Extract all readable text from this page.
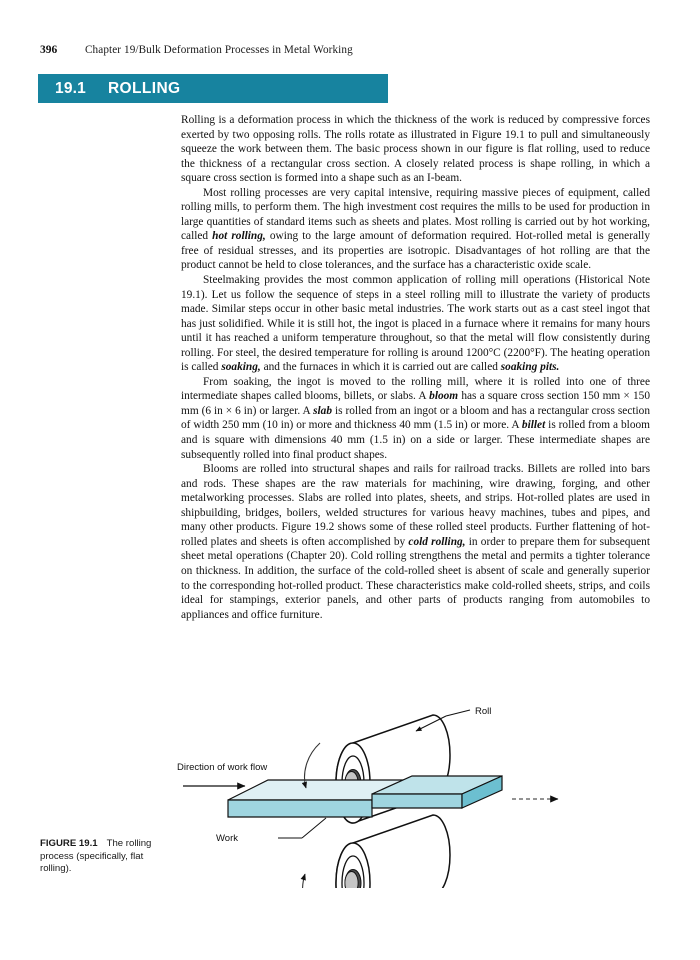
396	Chapter 19/Bulk Deformation Processes in Metal Working
19.1 ROLLING

Rolling is a deformation process in which the thickness of the work is reduced by compressive forces exerted by two opposing rolls. The rolls rotate as illustrated in Figure 19.1 to pull and simultaneously squeeze the work between them. The basic process shown in our figure is flat rolling, used to reduce the thickness of a rectangular cross section. A closely related process is shape rolling, in which a square cross section is formed into a shape such as an I-beam.

Most rolling processes are very capital intensive, requiring massive pieces of equipment, called rolling mills, to perform them. The high investment cost requires the mills to be used for production in large quantities of standard items such as sheets and plates. Most rolling is carried out by hot working, called hot rolling, owing to the large amount of deformation required. Hot-rolled metal is generally free of residual stresses, and its properties are isotropic. Disadvantages of hot rolling are that the product cannot be held to close tolerances, and the surface has a characteristic oxide scale.

Steelmaking provides the most common application of rolling mill operations (Historical Note 19.1). Let us follow the sequence of steps in a steel rolling mill to illustrate the variety of products made. Similar steps occur in other basic metal industries. The work starts out as a cast steel ingot that has just solidified. While it is still hot, the ingot is placed in a furnace where it remains for many hours until it has reached a uniform temperature throughout, so that the metal will flow consistently during rolling. For steel, the desired temperature for rolling is around 1200°C (2200°F). The heating operation is called soaking, and the furnaces in which it is carried out are called soaking pits.

From soaking, the ingot is moved to the rolling mill, where it is rolled into one of three intermediate shapes called blooms, billets, or slabs. A bloom has a square cross section 150 mm × 150 mm (6 in × 6 in) or larger. A slab is rolled from an ingot or a bloom and has a rectangular cross section of width 250 mm (10 in) or more and thickness 40 mm (1.5 in) or more. A billet is rolled from a bloom and is square with dimensions 40 mm (1.5 in) on a side or larger. These intermediate shapes are subsequently rolled into final product shapes.

Blooms are rolled into structural shapes and rails for railroad tracks. Billets are rolled into bars and rods. These shapes are the raw materials for machining, wire drawing, forging, and other metalworking processes. Slabs are rolled into plates, sheets, and strips. Hot-rolled plates are used in shipbuilding, bridges, boilers, welded structures for various heavy machines, tubes and pipes, and many other products. Figure 19.2 shows some of these rolled steel products. Further flattening of hot-rolled plates and sheets is often accomplished by cold rolling, in order to prepare them for subsequent sheet metal operations (Chapter 20). Cold rolling strengthens the metal and permits a tighter tolerance on thickness. In addition, the surface of the cold-rolled sheet is absent of scale and generally superior to the corresponding hot-rolled product. These characteristics make cold-rolled sheets, strips, and coils ideal for stampings, exterior panels, and other parts of products ranging from automobiles to appliances and office furniture.

Roll
Work
Direction of work flow
FIGURE 19.1 The rolling process (specifically, flat rolling).
